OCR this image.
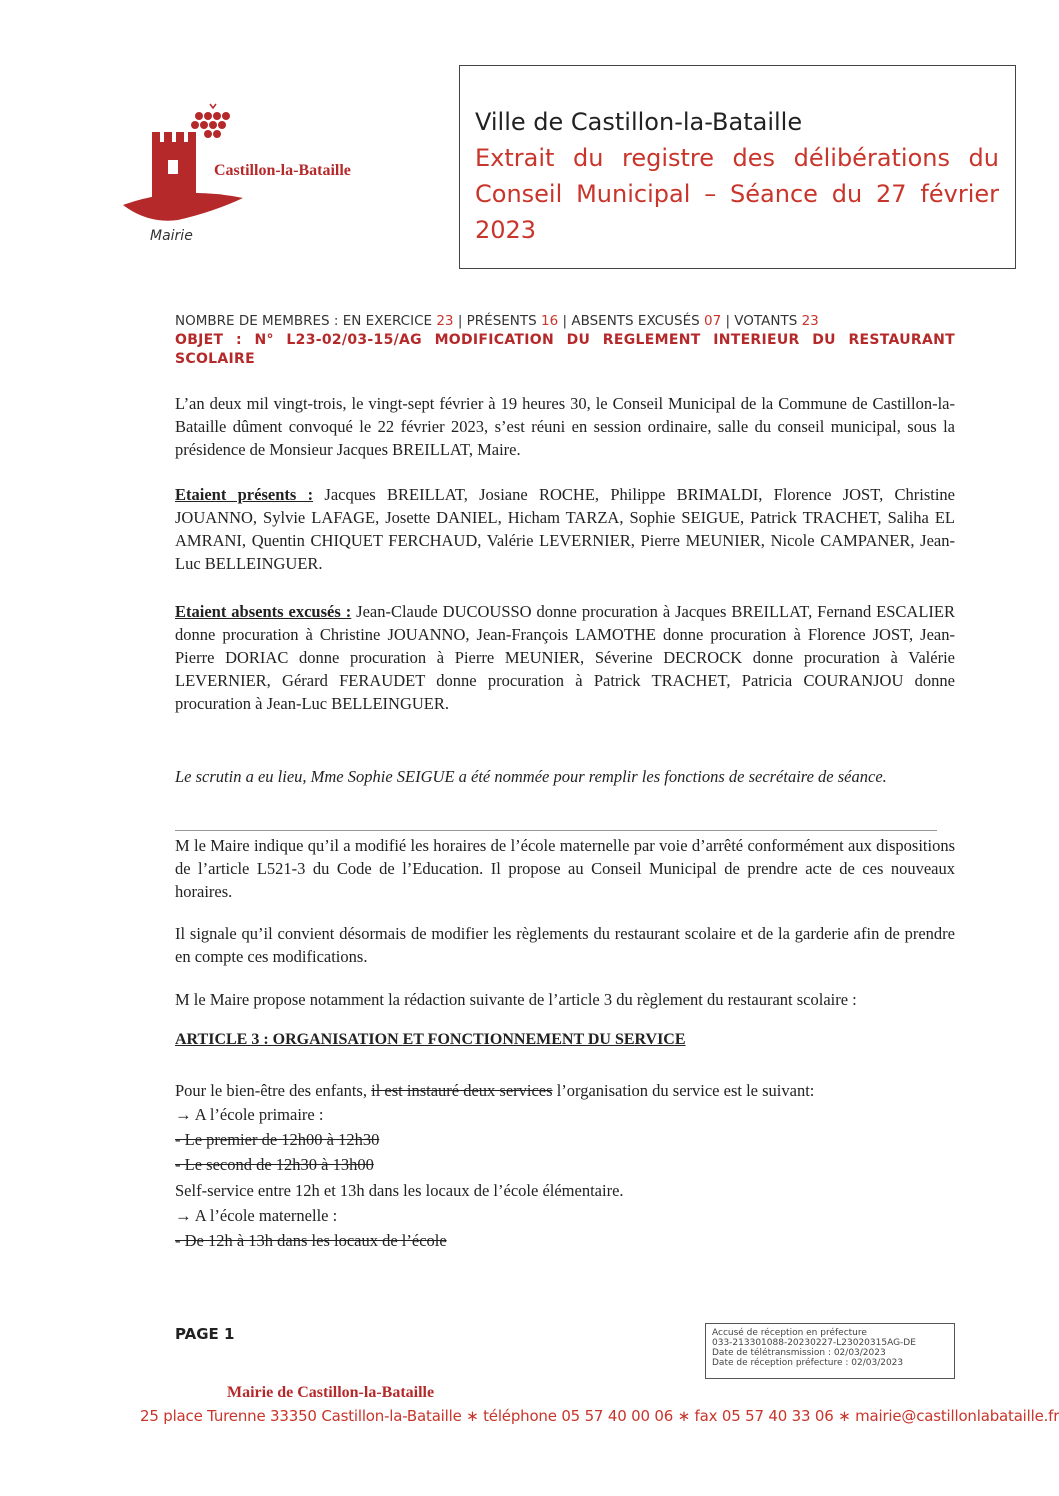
Castillon-la-Bataille
Mairie
Ville de Castillon-la-Bataille
Extrait du registre des délibérations du Conseil Municipal – Séance du 27 février 2023
NOMBRE DE MEMBRES : EN EXERCICE 23 | PRÉSENTS 16 | ABSENTS EXCUSÉS 07 | VOTANTS 23
OBJET : N° L23-02/03-15/AG MODIFICATION DU REGLEMENT INTERIEUR DU RESTAURANT SCOLAIRE
L’an deux mil vingt-trois, le vingt-sept février à 19 heures 30, le Conseil Municipal de la Commune de Castillon-la-Bataille dûment convoqué le 22 février 2023, s’est réuni en session ordinaire, salle du conseil municipal, sous la présidence de Monsieur Jacques BREILLAT, Maire.
Etaient présents : Jacques BREILLAT, Josiane ROCHE, Philippe BRIMALDI, Florence JOST, Christine JOUANNO, Sylvie LAFAGE, Josette DANIEL, Hicham TARZA, Sophie SEIGUE, Patrick TRACHET, Saliha EL AMRANI, Quentin CHIQUET FERCHAUD, Valérie LEVERNIER, Pierre MEUNIER, Nicole CAMPANER, Jean-Luc BELLEINGUER.
Etaient absents excusés : Jean-Claude DUCOUSSO donne procuration à Jacques BREILLAT, Fernand ESCALIER donne procuration à Christine JOUANNO, Jean-François LAMOTHE donne procuration à Florence JOST, Jean-Pierre DORIAC donne procuration à Pierre MEUNIER, Séverine DECROCK donne procuration à Valérie LEVERNIER, Gérard FERAUDET donne procuration à Patrick TRACHET, Patricia COURANJOU donne procuration à Jean-Luc BELLEINGUER.
Le scrutin a eu lieu, Mme Sophie SEIGUE a été nommée pour remplir les fonctions de secrétaire de séance.
M le Maire indique qu’il a modifié les horaires de l’école maternelle par voie d’arrêté conformément aux dispositions de l’article L521-3 du Code de l’Education. Il propose au Conseil Municipal de prendre acte de ces nouveaux horaires.
Il signale qu’il convient désormais de modifier les règlements du restaurant scolaire et de la garderie afin de prendre en compte ces modifications.
M le Maire propose notamment la rédaction suivante de l’article 3 du règlement du restaurant scolaire :
ARTICLE 3 : ORGANISATION ET FONCTIONNEMENT DU SERVICE
Pour le bien-être des enfants, il est instauré deux services l’organisation du service est le suivant:
→ A l’école primaire :
- Le premier de 12h00 à 12h30
- Le second de 12h30 à 13h00
Self-service entre 12h et 13h dans les locaux de l’école élémentaire.
→ A l’école maternelle :
- De 12h à 13h dans les locaux de l’école
PAGE 1	Accusé de réception en préfecture
033-213301088-20230227-L23020315AG-DE
Date de télétransmission : 02/03/2023
Date de réception préfecture : 02/03/2023
Mairie de Castillon-la-Bataille
25 place Turenne 33350 Castillon-la-Bataille ∗ téléphone 05 57 40 00 06 ∗ fax 05 57 40 33 06 ∗ mairie@castillonlabataille.fr
